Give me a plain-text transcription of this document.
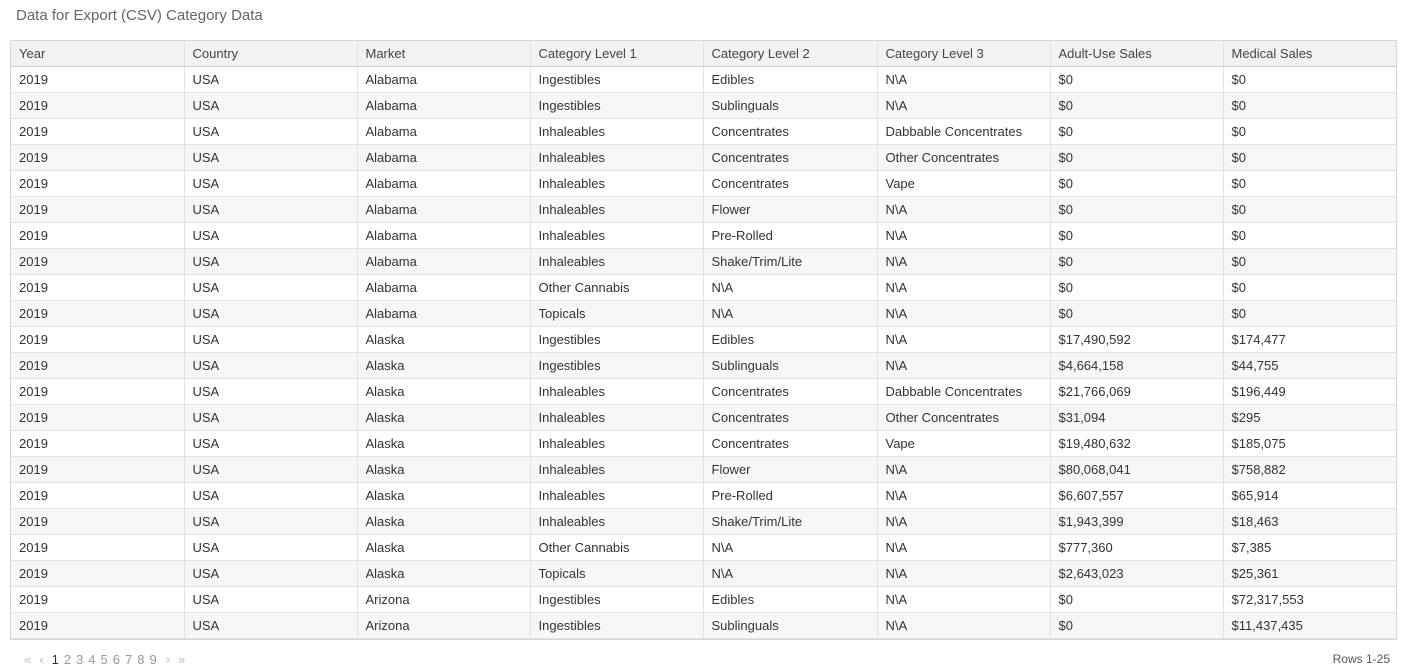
Data for Export (CSV) Category Data
Year	Country	Market	Category Level 1	Category Level 2	Category Level 3	Adult-Use Sales	Medical Sales
2019	USA	Alabama	Ingestibles	Edibles	N\A	$0	$0
2019	USA	Alabama	Ingestibles	Sublinguals	N\A	$0	$0
2019	USA	Alabama	Inhaleables	Concentrates	Dabbable Concentrates	$0	$0
2019	USA	Alabama	Inhaleables	Concentrates	Other Concentrates	$0	$0
2019	USA	Alabama	Inhaleables	Concentrates	Vape	$0	$0
2019	USA	Alabama	Inhaleables	Flower	N\A	$0	$0
2019	USA	Alabama	Inhaleables	Pre-Rolled	N\A	$0	$0
2019	USA	Alabama	Inhaleables	Shake/Trim/Lite	N\A	$0	$0
2019	USA	Alabama	Other Cannabis	N\A	N\A	$0	$0
2019	USA	Alabama	Topicals	N\A	N\A	$0	$0
2019	USA	Alaska	Ingestibles	Edibles	N\A	$17,490,592	$174,477
2019	USA	Alaska	Ingestibles	Sublinguals	N\A	$4,664,158	$44,755
2019	USA	Alaska	Inhaleables	Concentrates	Dabbable Concentrates	$21,766,069	$196,449
2019	USA	Alaska	Inhaleables	Concentrates	Other Concentrates	$31,094	$295
2019	USA	Alaska	Inhaleables	Concentrates	Vape	$19,480,632	$185,075
2019	USA	Alaska	Inhaleables	Flower	N\A	$80,068,041	$758,882
2019	USA	Alaska	Inhaleables	Pre-Rolled	N\A	$6,607,557	$65,914
2019	USA	Alaska	Inhaleables	Shake/Trim/Lite	N\A	$1,943,399	$18,463
2019	USA	Alaska	Other Cannabis	N\A	N\A	$777,360	$7,385
2019	USA	Alaska	Topicals	N\A	N\A	$2,643,023	$25,361
2019	USA	Arizona	Ingestibles	Edibles	N\A	$0	$72,317,553
2019	USA	Arizona	Ingestibles	Sublinguals	N\A	$0	$11,437,435
« ‹ 1 2 3 4 5 6 7 8 9 › »	Rows 1-25
